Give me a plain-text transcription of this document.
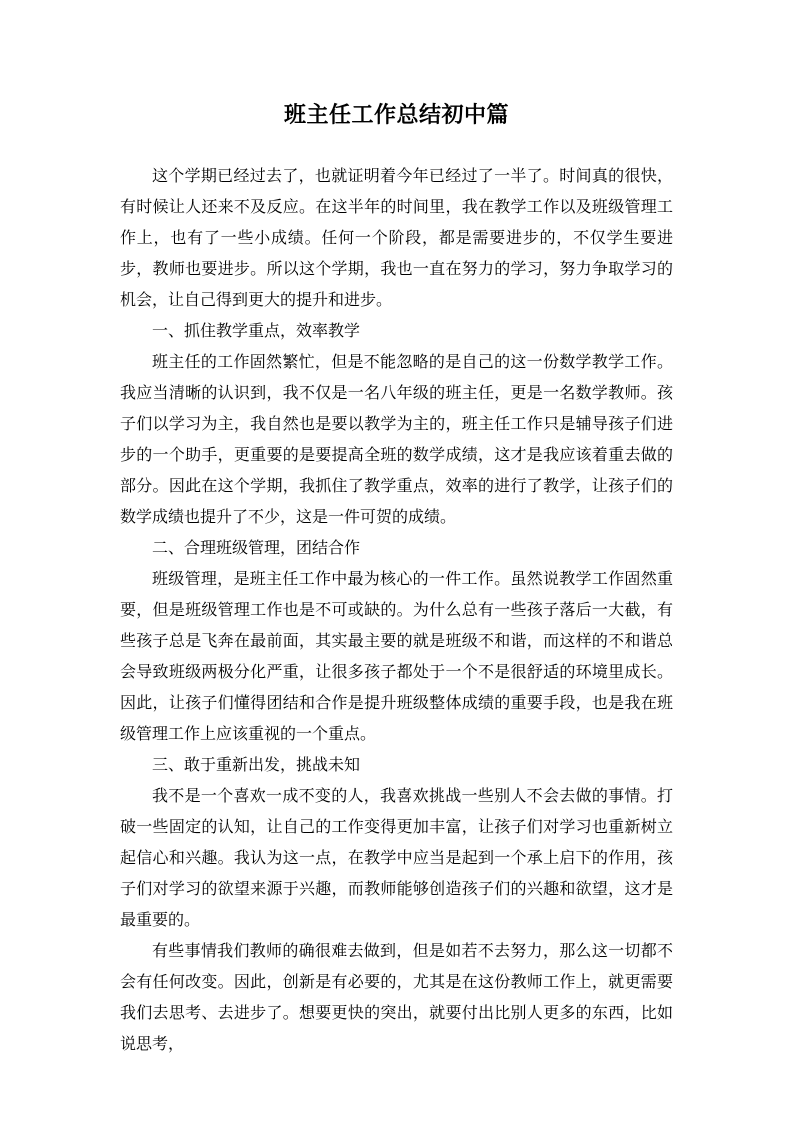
班主任工作总结初中篇

这个学期已经过去了，也就证明着今年已经过了一半了。时间真的很快，有时候让人还来不及反应。在这半年的时间里，我在教学工作以及班级管理工作上，也有了一些小成绩。任何一个阶段，都是需要进步的，不仅学生要进步，教师也要进步。所以这个学期，我也一直在努力的学习，努力争取学习的机会，让自己得到更大的提升和进步。

一、抓住教学重点，效率教学

班主任的工作固然繁忙，但是不能忽略的是自己的这一份数学教学工作。我应当清晰的认识到，我不仅是一名八年级的班主任，更是一名数学教师。孩子们以学习为主，我自然也是要以教学为主的，班主任工作只是辅导孩子们进步的一个助手，更重要的是要提高全班的数学成绩，这才是我应该着重去做的部分。因此在这个学期，我抓住了教学重点，效率的进行了教学，让孩子们的数学成绩也提升了不少，这是一件可贺的成绩。

二、合理班级管理，团结合作

班级管理，是班主任工作中最为核心的一件工作。虽然说教学工作固然重要，但是班级管理工作也是不可或缺的。为什么总有一些孩子落后一大截，有些孩子总是飞奔在最前面，其实最主要的就是班级不和谐，而这样的不和谐总会导致班级两极分化严重，让很多孩子都处于一个不是很舒适的环境里成长。因此，让孩子们懂得团结和合作是提升班级整体成绩的重要手段，也是我在班级管理工作上应该重视的一个重点。

三、敢于重新出发，挑战未知

我不是一个喜欢一成不变的人，我喜欢挑战一些别人不会去做的事情。打破一些固定的认知，让自己的工作变得更加丰富，让孩子们对学习也重新树立起信心和兴趣。我认为这一点，在教学中应当是起到一个承上启下的作用，孩子们对学习的欲望来源于兴趣，而教师能够创造孩子们的兴趣和欲望，这才是最重要的。

有些事情我们教师的确很难去做到，但是如若不去努力，那么这一切都不会有任何改变。因此，创新是有必要的，尤其是在这份教师工作上，就更需要我们去思考、去进步了。想要更快的突出，就要付出比别人更多的东西，比如说思考，
